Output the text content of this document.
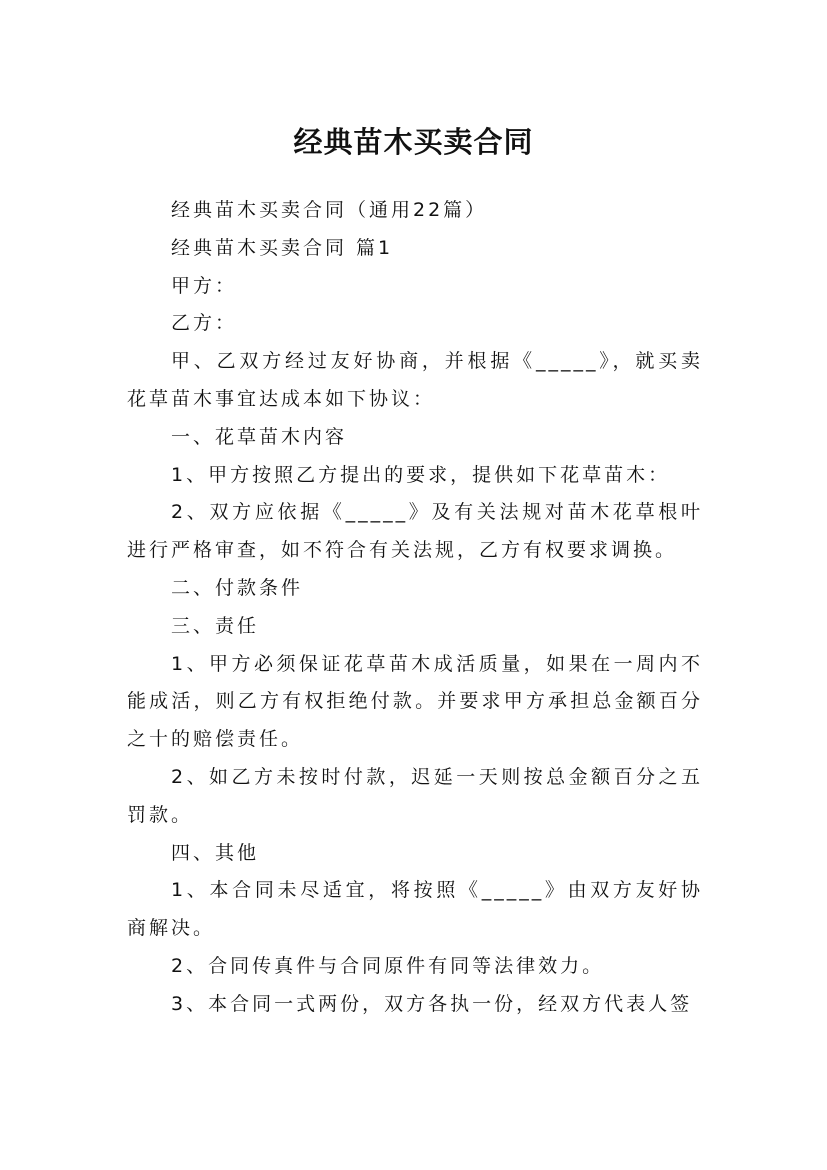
经典苗木买卖合同

经典苗木买卖合同（通用22篇）

经典苗木买卖合同 篇1

甲方：

乙方：

甲、乙双方经过友好协商，并根据《_____》，就买卖花草苗木事宜达成本如下协议：

一、花草苗木内容

1、甲方按照乙方提出的要求，提供如下花草苗木：

2、双方应依据《_____》及有关法规对苗木花草根叶进行严格审查，如不符合有关法规，乙方有权要求调换。

二、付款条件

三、责任

1、甲方必须保证花草苗木成活质量，如果在一周内不能成活，则乙方有权拒绝付款。并要求甲方承担总金额百分之十的赔偿责任。

2、如乙方未按时付款，迟延一天则按总金额百分之五罚款。

四、其他

1、本合同未尽适宜，将按照《_____》由双方友好协商解决。

2、合同传真件与合同原件有同等法律效力。

3、本合同一式两份，双方各执一份，经双方代表人签
